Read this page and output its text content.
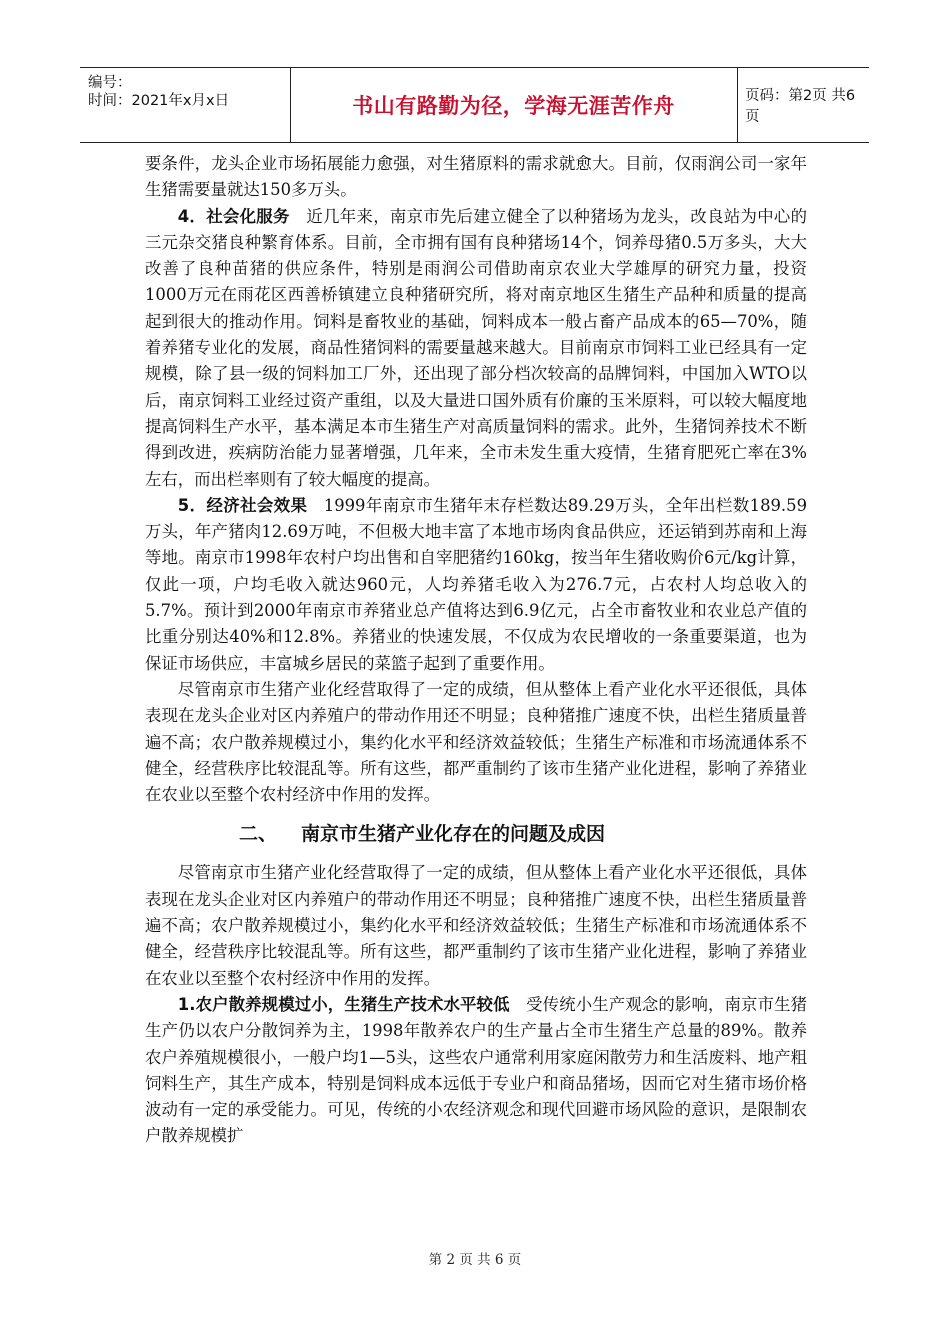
编号：
时间：2021年x月x日	书山有路勤为径，学海无涯苦作舟	页码：第2页 共6页

要条件，龙头企业市场拓展能力愈强，对生猪原料的需求就愈大。目前，仅雨润公司一家年生猪需要量就达150多万头。

4．社会化服务  近几年来，南京市先后建立健全了以种猪场为龙头，改良站为中心的三元杂交猪良种繁育体系。目前，全市拥有国有良种猪场14个，饲养母猪0.5万多头，大大改善了良种苗猪的供应条件，特别是雨润公司借助南京农业大学雄厚的研究力量，投资1000万元在雨花区西善桥镇建立良种猪研究所，将对南京地区生猪生产品种和质量的提高起到很大的推动作用。饲料是畜牧业的基础，饲料成本一般占畜产品成本的65—70%，随着养猪专业化的发展，商品性猪饲料的需要量越来越大。目前南京市饲料工业已经具有一定规模，除了县一级的饲料加工厂外，还出现了部分档次较高的品牌饲料，中国加入WTO以后，南京饲料工业经过资产重组，以及大量进口国外质有价廉的玉米原料，可以较大幅度地提高饲料生产水平，基本满足本市生猪生产对高质量饲料的需求。此外，生猪饲养技术不断得到改进，疾病防治能力显著增强，几年来，全市未发生重大疫情，生猪育肥死亡率在3%左右，而出栏率则有了较大幅度的提高。

5．经济社会效果  1999年南京市生猪年末存栏数达89.29万头，全年出栏数189.59万头，年产猪肉12.69万吨，不但极大地丰富了本地市场肉食品供应，还运销到苏南和上海等地。南京市1998年农村户均出售和自宰肥猪约160kg，按当年生猪收购价6元/kg计算，仅此一项，户均毛收入就达960元，人均养猪毛收入为276.7元，占农村人均总收入的5.7%。预计到2000年南京市养猪业总产值将达到6.9亿元，占全市畜牧业和农业总产值的比重分别达40%和12.8%。养猪业的快速发展，不仅成为农民增收的一条重要渠道，也为保证市场供应，丰富城乡居民的菜篮子起到了重要作用。

尽管南京市生猪产业化经营取得了一定的成绩，但从整体上看产业化水平还很低，具体表现在龙头企业对区内养殖户的带动作用还不明显；良种猪推广速度不快，出栏生猪质量普遍不高；农户散养规模过小，集约化水平和经济效益较低；生猪生产标准和市场流通体系不健全，经营秩序比较混乱等。所有这些，都严重制约了该市生猪产业化进程，影响了养猪业在农业以至整个农村经济中作用的发挥。

二、 南京市生猪产业化存在的问题及成因

尽管南京市生猪产业化经营取得了一定的成绩，但从整体上看产业化水平还很低，具体表现在龙头企业对区内养殖户的带动作用还不明显；良种猪推广速度不快，出栏生猪质量普遍不高；农户散养规模过小，集约化水平和经济效益较低；生猪生产标准和市场流通体系不健全，经营秩序比较混乱等。所有这些，都严重制约了该市生猪产业化进程，影响了养猪业在农业以至整个农村经济中作用的发挥。

1.农户散养规模过小，生猪生产技术水平较低  受传统小生产观念的影响，南京市生猪生产仍以农户分散饲养为主，1998年散养农户的生产量占全市生猪生产总量的89%。散养农户养殖规模很小，一般户均1—5头，这些农户通常利用家庭闲散劳力和生活废料、地产粗饲料生产，其生产成本，特别是饲料成本远低于专业户和商品猪场，因而它对生猪市场价格波动有一定的承受能力。可见，传统的小农经济观念和现代回避市场风险的意识，是限制农户散养规模扩

第 2 页 共 6 页
